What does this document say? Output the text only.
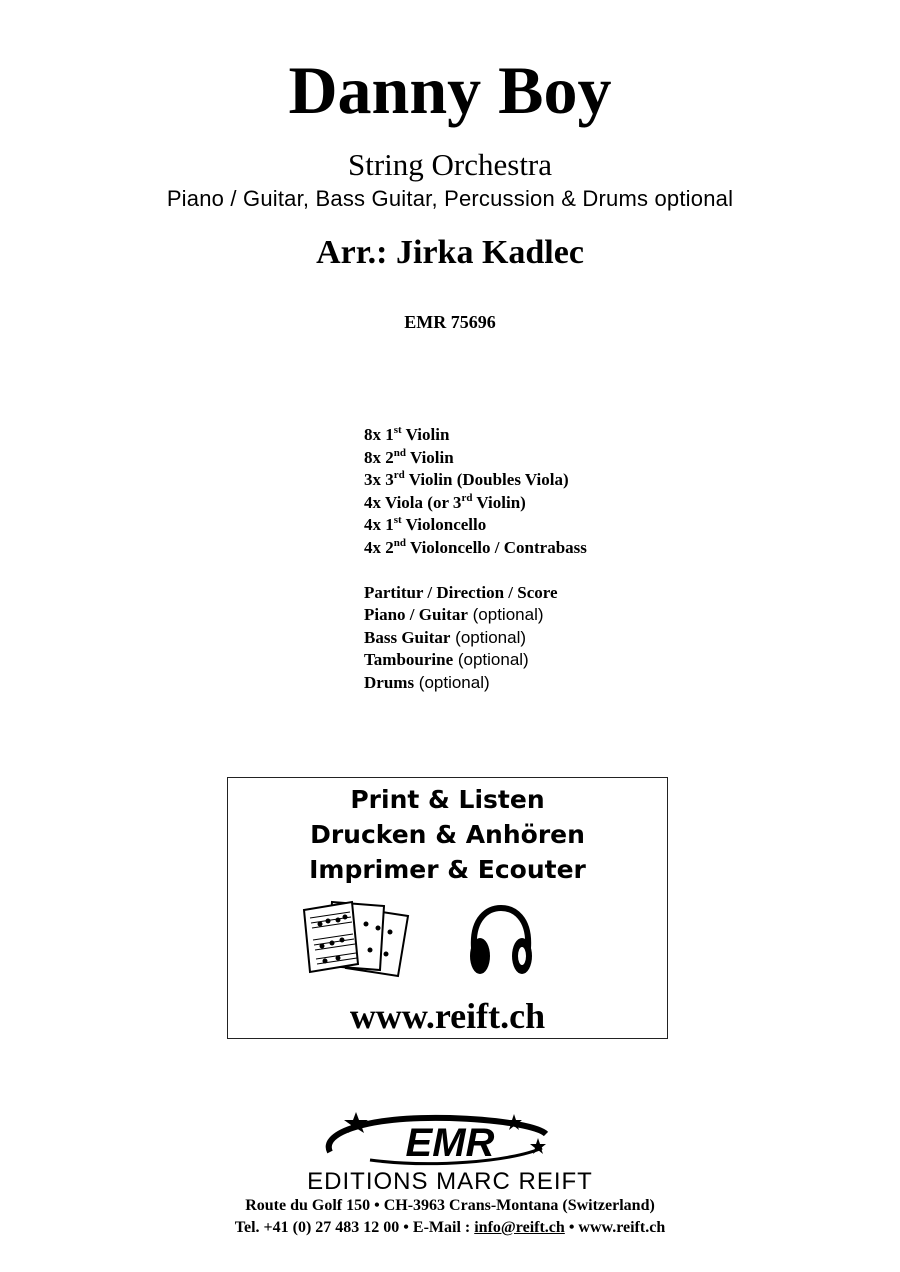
Danny Boy
String Orchestra
Piano / Guitar, Bass Guitar, Percussion & Drums optional
Arr.: Jirka Kadlec
EMR 75696
8x 1st Violin
8x 2nd Violin
3x 3rd Violin (Doubles Viola)
4x Viola (or 3rd Violin)
4x 1st Violoncello
4x 2nd Violoncello / Contrabass
Partitur / Direction / Score
Piano / Guitar (optional)
Bass Guitar (optional)
Tambourine (optional)
Drums (optional)
Print & Listen
Drucken & Anhören
Imprimer & Ecouter
www.reift.ch
EMR
EDITIONS MARC REIFT
Route du Golf 150 • CH-3963 Crans-Montana (Switzerland)
Tel. +41 (0) 27 483 12 00 • E-Mail : info@reift.ch • www.reift.ch
